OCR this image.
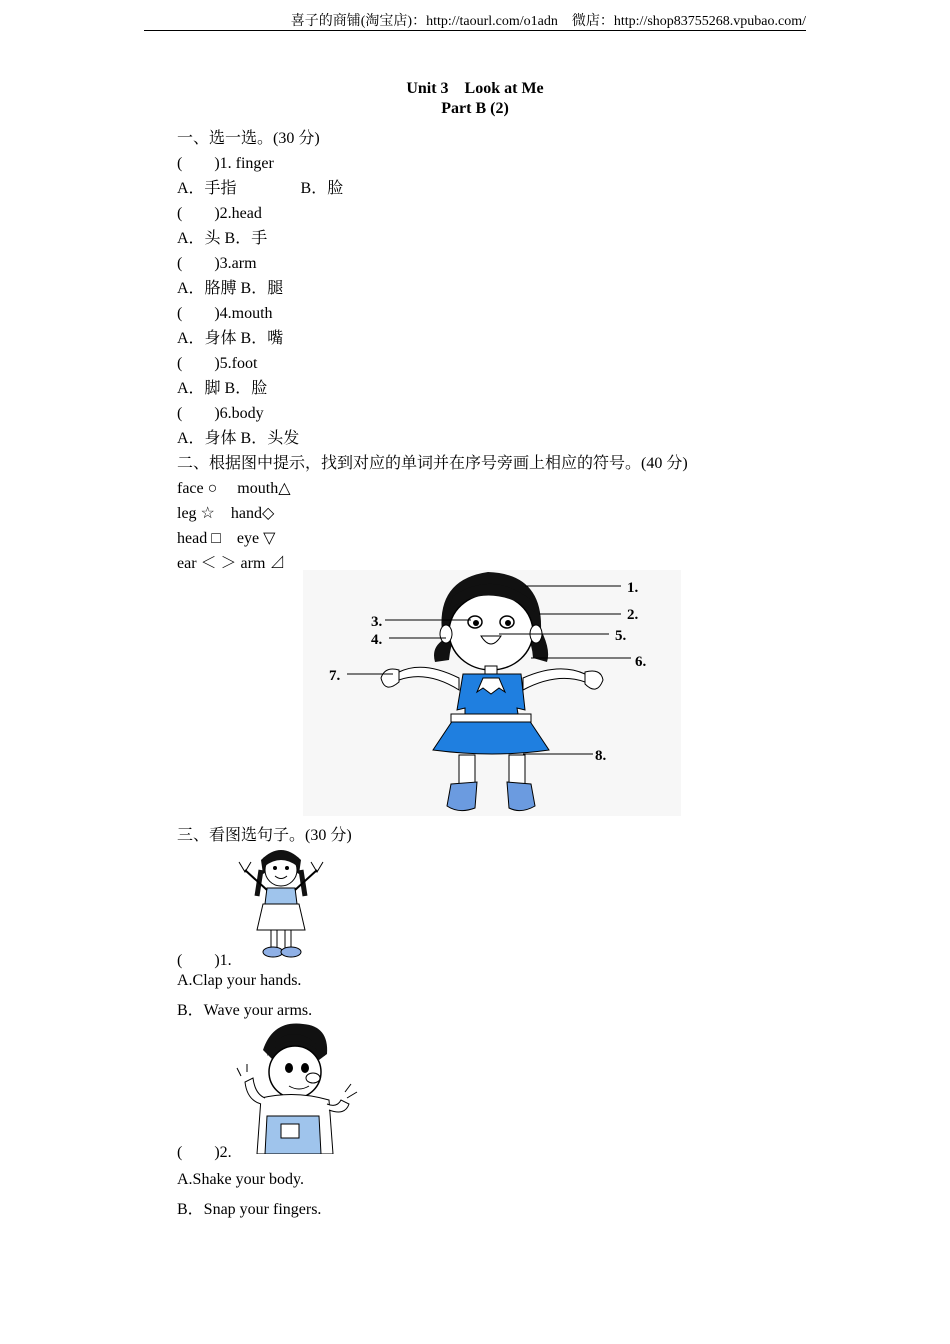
喜子的商铺(淘宝店)：http://taourl.com/o1adn　微店：http://shop83755268.vpubao.com/
Unit 3　Look at Me
Part B (2)
一、选一选。(30 分)
(　　)1. finger
A．手指　　　　B．脸
(　　)2.head
A．头 B．手
(　　)3.arm
A．胳膊 B．腿
(　　)4.mouth
A．身体 B．嘴
(　　)5.foot
A．脚 B．脸
(　　)6.body
A．身体 B．头发
二、根据图中提示，找到对应的单词并在序号旁画上相应的符号。(40 分)
face ○　 mouth△
leg ☆　hand◇
head □　eye ▽
ear ＜ ＞ arm ⊿
1.
2.
3.
4.	5.
6.
7.
8.
三、看图选句子。(30 分)
(　　)1.
A.Clap your hands.
B．Wave your arms.
(　　)2.
A.Shake your body.
B．Snap your fingers.
